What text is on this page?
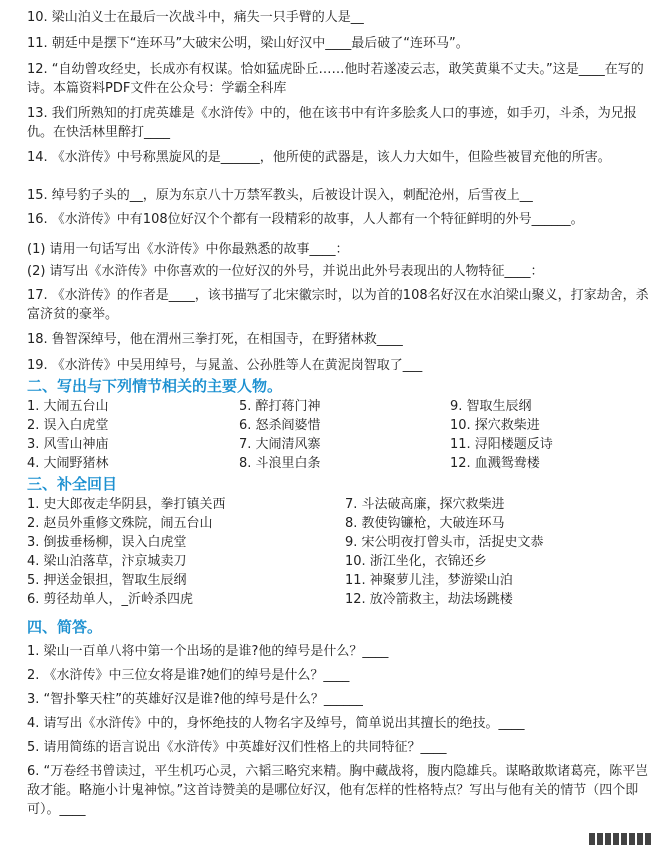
10. 梁山泊义士在最后一次战斗中，痛失一只手臂的人是__
11. 朝廷中是摆下“连环马”大破宋公明，梁山好汉中____最后破了“连环马”。
12. “自幼曾攻经史，长成亦有权谋。恰如猛虎卧丘……他时若遂凌云志，敢笑黄巢不丈夫。”这是____在写的诗。本篇资料PDF文件在公众号：学霸全科库
13. 我们所熟知的打虎英雄是《水浒传》中的，他在该书中有许多脍炙人口的事迹，如手刃，斗杀，为兄报仇。在快活林里醉打____
14. 《水浒传》中号称黑旋风的是______，他所使的武器是，该人力大如牛，但险些被冒充他的所害。
15. 绰号豹子头的__，原为东京八十万禁军教头，后被设计误入，刺配沧州，后雪夜上__
16. 《水浒传》中有108位好汉个个都有一段精彩的故事，人人都有一个特征鲜明的外号______。
(1) 请用一句话写出《水浒传》中你最熟悉的故事____：
(2) 请写出《水浒传》中你喜欢的一位好汉的外号，并说出此外号表现出的人物特征____：
17. 《水浒传》的作者是____，该书描写了北宋徽宗时，以为首的108名好汉在水泊梁山聚义，打家劫舍，杀富济贫的豪举。
18. 鲁智深绰号，他在渭州三拳打死，在相国寺，在野猪林救____
19. 《水浒传》中吴用绰号，与晁盖、公孙胜等人在黄泥岗智取了___
二、写出与下列情节相关的主要人物。
1. 大闹五台山	5. 醉打蒋门神	9. 智取生辰纲
2. 误入白虎堂	6. 怒杀阎婆惜	10. 探穴救柴进
3. 风雪山神庙	7. 大闹清风寨	11. 浔阳楼题反诗
4. 大闹野猪林	8. 斗浪里白条	12. 血溅鸳鸯楼
三、补全回目
1. 史大郎夜走华阴县，拳打镇关西	7. 斗法破高廉，探穴救柴进
2. 赵员外重修文殊院，闹五台山	8. 教使钩镰枪，大破连环马
3. 倒拔垂杨柳，误入白虎堂	9. 宋公明夜打曾头市，活捉史文恭
4. 梁山泊落草，汴京城卖刀	10. 浙江坐化，衣锦还乡
5. 押送金银担，智取生辰纲	11. 神聚萝儿洼，梦游梁山泊
6. 剪径劫单人，_沂岭杀四虎	12. 放冷箭救主，劫法场跳楼
四、简答。
1. 梁山一百单八将中第一个出场的是谁?他的绰号是什么？____
2. 《水浒传》中三位女将是谁?她们的绰号是什么？____
3. “智扑擎天柱”的英雄好汉是谁?他的绰号是什么？______
4. 请写出《水浒传》中的，身怀绝技的人物名字及绰号，简单说出其擅长的绝技。____
5. 请用简练的语言说出《水浒传》中英雄好汉们性格上的共同特征？____
6. “万卷经书曾读过，平生机巧心灵，六韬三略究来精。胸中藏战将，腹内隐雄兵。谋略敢欺诸葛亮，陈平岂敌才能。略施小计鬼神惊。”这首诗赞美的是哪位好汉，他有怎样的性格特点？写出与他有关的情节（四个即可）。____
